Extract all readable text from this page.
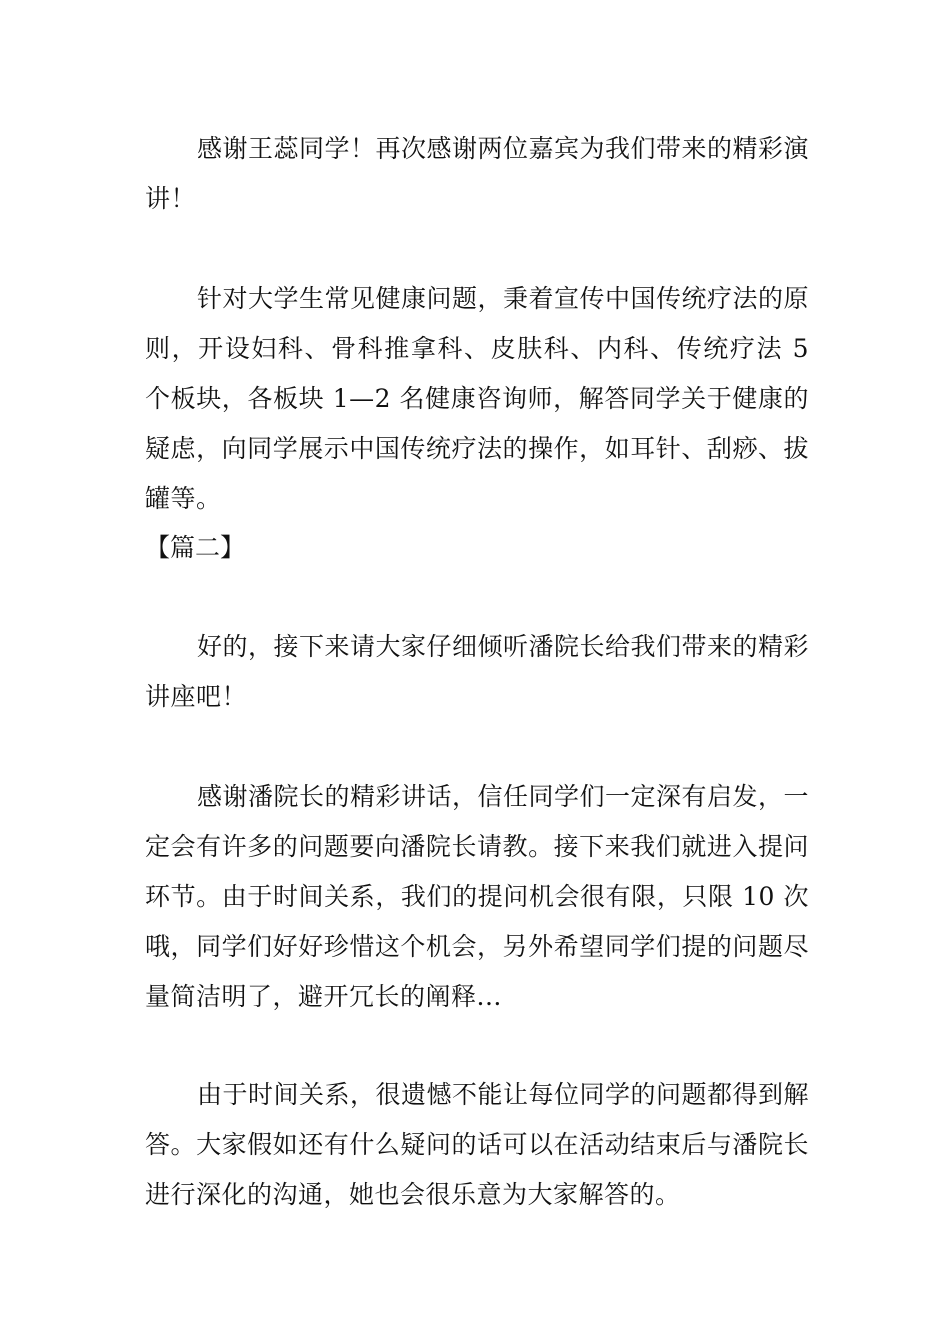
感谢王蕊同学！再次感谢两位嘉宾为我们带来的精彩演讲！

针对大学生常见健康问题，秉着宣传中国传统疗法的原则，开设妇科、骨科推拿科、皮肤科、内科、传统疗法 5 个板块，各板块 1—2 名健康咨询师，解答同学关于健康的疑虑，向同学展示中国传统疗法的操作，如耳针、刮痧、拔罐等。

【篇二】

好的，接下来请大家仔细倾听潘院长给我们带来的精彩讲座吧！

感谢潘院长的精彩讲话，信任同学们一定深有启发，一定会有许多的问题要向潘院长请教。接下来我们就进入提问环节。由于时间关系，我们的提问机会很有限，只限 10 次哦，同学们好好珍惜这个机会，另外希望同学们提的问题尽量简洁明了，避开冗长的阐释...

由于时间关系，很遗憾不能让每位同学的问题都得到解答。大家假如还有什么疑问的话可以在活动结束后与潘院长进行深化的沟通，她也会很乐意为大家解答的。
